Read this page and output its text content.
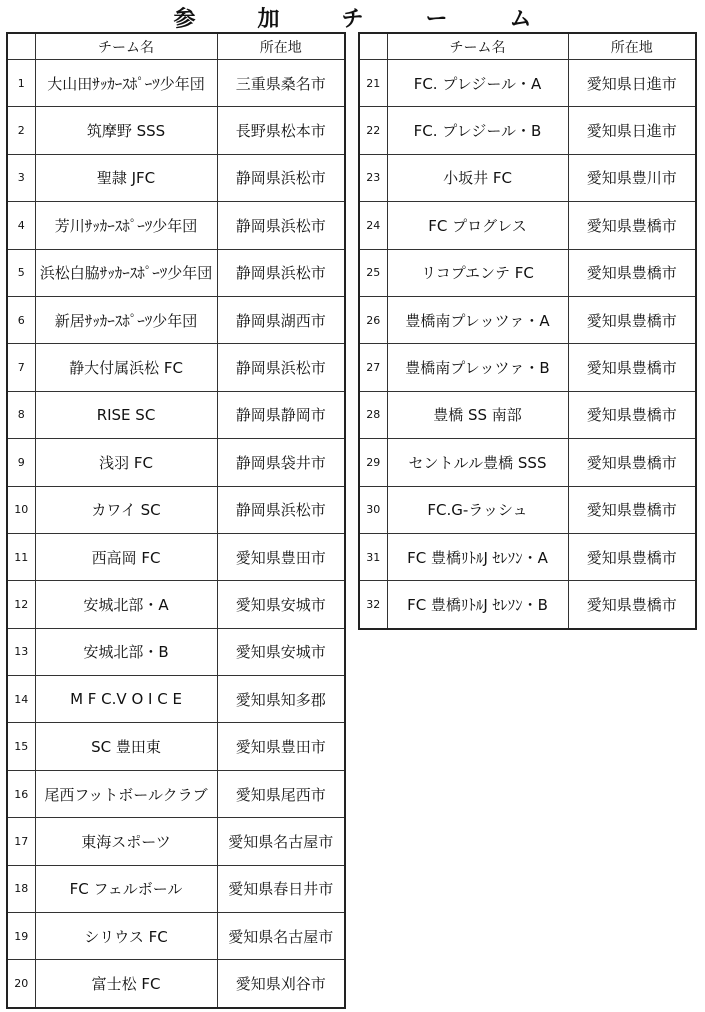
参　加　チ　ー　ム
	チーム名	所在地
1	大山田ｻｯｶｰｽﾎﾟｰﾂ少年団	三重県桑名市
2	筑摩野 SSS	長野県松本市
3	聖隷 JFC	静岡県浜松市
4	芳川ｻｯｶｰｽﾎﾟｰﾂ少年団	静岡県浜松市
5	浜松白脇ｻｯｶｰｽﾎﾟｰﾂ少年団	静岡県浜松市
6	新居ｻｯｶｰｽﾎﾟｰﾂ少年団	静岡県湖西市
7	静大付属浜松 FC	静岡県浜松市
8	RISE SC	静岡県静岡市
9	浅羽 FC	静岡県袋井市
10	カワイ SC	静岡県浜松市
11	西高岡 FC	愛知県豊田市
12	安城北部・A	愛知県安城市
13	安城北部・B	愛知県安城市
14	M F C.V O I C E	愛知県知多郡
15	SC 豊田東	愛知県豊田市
16	尾西フットボールクラブ	愛知県尾西市
17	東海スポーツ	愛知県名古屋市
18	FC フェルボール	愛知県春日井市
19	シリウス FC	愛知県名古屋市
20	富士松 FC	愛知県刈谷市
	チーム名	所在地
21	FC. プレジール・A	愛知県日進市
22	FC. プレジール・B	愛知県日進市
23	小坂井 FC	愛知県豊川市
24	FC プログレス	愛知県豊橋市
25	リコプエンテ FC	愛知県豊橋市
26	豊橋南プレッツァ・A	愛知県豊橋市
27	豊橋南プレッツァ・B	愛知県豊橋市
28	豊橋 SS 南部	愛知県豊橋市
29	セントルル豊橋 SSS	愛知県豊橋市
30	FC.G-ラッシュ	愛知県豊橋市
31	FC 豊橋ﾘﾄﾙJ ｾﾚｿﾝ・A	愛知県豊橋市
32	FC 豊橋ﾘﾄﾙJ ｾﾚｿﾝ・B	愛知県豊橋市
